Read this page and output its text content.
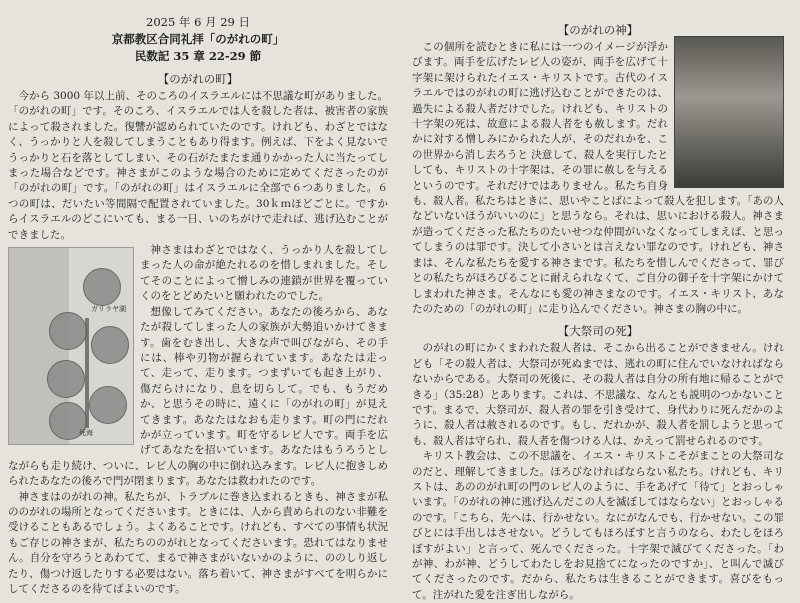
2025 年 6 月 29 日
京都教区合同礼拝「のがれの町」
民数記 35 章 22-29 節
【のがれの町】

今から 3000 年以上前、そのころのイスラエルには不思議な町がありました。「のがれの町」です。そのころ、イスラエルでは人を殺した者は、被害者の家族によって殺されました。復讐が認められていたのです。けれども、わざとではなく、うっかりと人を殺してしまうこともあり得ます。例えば、下をよく見ないでうっかりと石を落としてしまい、その石がたまたま通りかかった人に当たってしまった場合などです。神さまがこのような場合のために定めてくださったのが「のがれの町」です。「のがれの町」はイスラエルに全部で６つありました。６つの町は、だいたい等間隔で配置されていました。30ｋｍほどごとに。ですからイスラエルのどこにいても、まる一日、いのちがけで走れば、逃げ込むことができました。

ガリラヤ湖
死海

神さまはわざとではなく、うっかり人を殺してしまった人の命が絶たれるのを惜しまれました。そしてそのことによって憎しみの連鎖が世界を覆っていくのをとどめたいと願われたのでした。

想像してみてください。あなたの後ろから、あなたが殺してしまった人の家族が大勢追いかけてきます。歯をむき出し、大きな声で叫びながら、その手には、棒や刃物が握られています。あなたは走って、走って、走ります。つまずいても起き上がり、傷だらけになり、息を切らして。でも、もうだめか、と思うその時に、遠くに「のがれの町」が見えてきます。あなたはなおも走ります。町の門にだれかが立っています。町を守るレビ人です。両手を広げてあなたを招いています。あなたはもうろうとしながらも走り続け、ついに、レビ人の胸の中に倒れ込みます。レビ人に抱きしめられたあなたの後ろで門が閉まります。あなたは救われたのです。

神さまはのがれの神。私たちが、トラブルに巻き込まれるときも、神さまが私ののがれの場所となってくださいます。ときには、人から責められのない非難を受けることもあるでしょう。よくあることです。けれども、すべての事情も状況もご存じの神さまが、私たちののがれとなってくださいます。恐れてはなりません。自分を守ろうとあわてて、まるで神さまがいないかのように、ののしり返したり、傷つけ返したりする必要はない。落ち着いて、神さまがすべてを明らかにしてくださるのを待てばよいのです。

【のがれの神】

この個所を読むときに私には一つのイメージが浮かびます。両手を広げたレビ人の姿が、両手を広げて十字架に架けられたイエス・キリストです。古代のイスラエルではのがれの町に逃げ込むことができたのは、過失による殺人者だけでした。けれども、キリストの十字架の死は、故意による殺人者をも赦します。だれかに対する憎しみにかられた人が、そのだれかを、この世界から消し去ろうと 決意して、殺人を実行したとしても、キリストの十字架は、その罪に赦しを与えるというのです。それだけではありません。私たち自身も、殺人者。私たちはときに、思いやことばによって殺人を犯します。「あの人などいないほうがいいのに」と思うなら。それは、思いにおける殺人。神さまが造ってくださった私たちのたいせつな仲間がいなくなってしまえば、と思ってしまうのは罪です。決して小さいとは言えない罪なのです。けれども、神さまは、そんな私たちを愛する神さまです。私たちを惜しんでくださって、罪びとの私たちがほろびることに耐えられなくて、ご自分の御子を十字架にかけてしまわれた神さま。そんなにも愛の神さまなのです。イエス・キリスト、あなたのための「のがれの町」に走り込んでください。神さまの胸の中に。

【大祭司の死】

のがれの町にかくまわれた殺人者は、そこから出ることができません。けれども「その殺人者は、大祭司が死ぬまでは、逃れの町に住んでいなければならないからである。大祭司の死後に、その殺人者は自分の所有地に帰ることができる」（35:28）とあります。これは、不思議な、なんとも説明のつかないことです。まるで、大祭司が、殺人者の罪を引き受けて、身代わりに死んだかのように、殺人者は赦されるのです。もし、だれかが、殺人者を罰しようと思っても、殺人者は守られ、殺人者を傷つける人は、かえって罰せられるのです。

キリスト教会は、この不思議を、イエス・キリストこそがまことの大祭司なのだと、理解してきました。ほろびなければならない私たち。けれども、キリストは、あののがれ町の門のレビ人のように、手をあげて「待て」とおっしゃいます。「のがれの神に逃げ込んだこの人を滅ぼしてはならない」とおっしゃるのです。「こちら、先へは、行かせない。なにがなんでも、行かせない。この罪びとには手出しはさせない。どうしてもほろぼすと言うのなら、わたしをほろぼすがよい」と言って、死んでくださった。十字架で滅びてくださった。「わが神、わが神、どうしてわたしをお見捨てになったのですか」、と叫んで滅びてくださったのです。だから、私たちは生きることができます。喜びをもって。注がれた愛を注ぎ出しながら。
